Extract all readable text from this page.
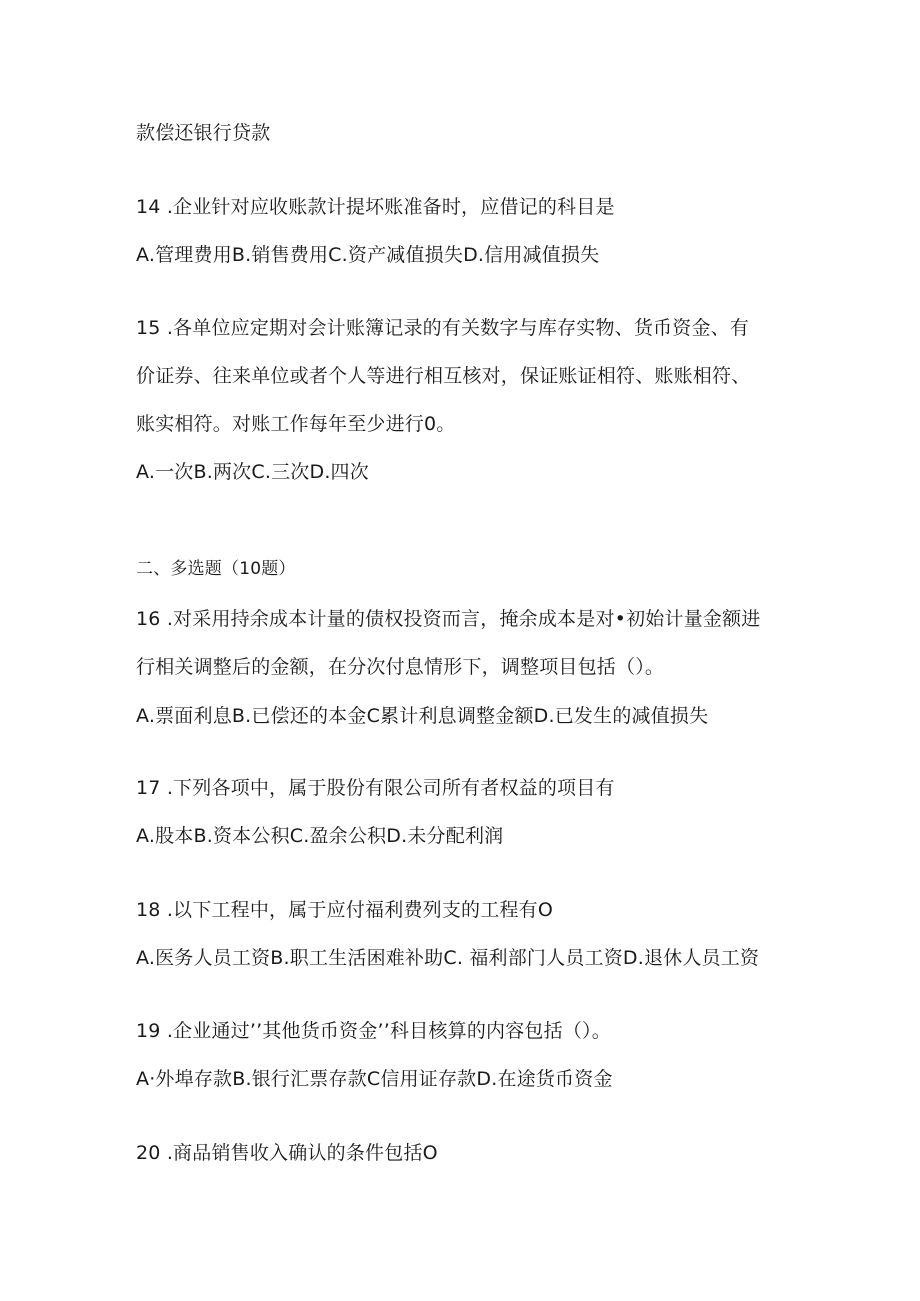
款偿还银行贷款
14 .企业针对应收账款计提坏账准备时，应借记的科目是
A.管理费用B.销售费用C.资产减值损失D.信用减值损失
15 .各单位应定期对会计账簿记录的有关数字与库存实物、货币资金、有
价证券、往来单位或者个人等进行相互核对，保证账证相符、账账相符、
账实相符。对账工作每年至少进行0。
A.一次B.两次C.三次D.四次
二、多选题（10题）
16 .对采用持余成本计量的债权投资而言，掩余成本是对•初始计量金额进
行相关调整后的金额，在分次付息情形下，调整项目包括（）。
A.票面利息B.已偿还的本金C累计利息调整金额D.已发生的减值损失
17 .下列各项中，属于股份有限公司所有者权益的项目有
A.股本B.资本公积C.盈余公积D.未分配利润
18 .以下工程中，属于应付福利费列支的工程有O
A.医务人员工资B.职工生活困难补助C. 福利部门人员工资D.退休人员工资
19 .企业通过’’其他货币资金’’科目核算的内容包括（）。
A·外埠存款B.银行汇票存款C信用证存款D.在途货币资金
20 .商品销售收入确认的条件包括O
